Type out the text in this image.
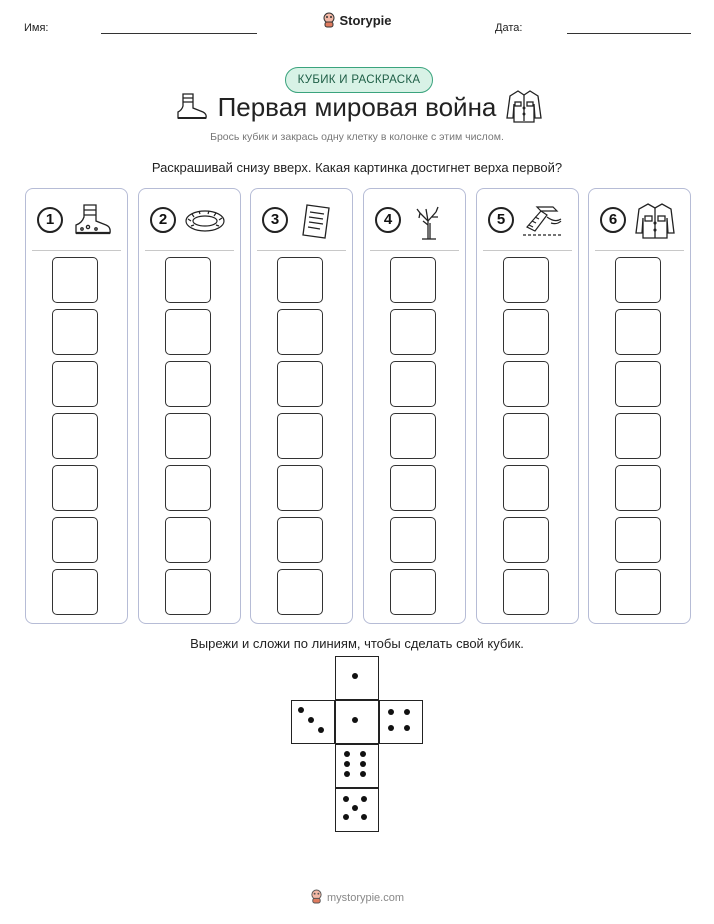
Имя:
Storypie
Дата:
КУБИК И РАСКРАСКА
Первая мировая война
Брось кубик и закрась одну клетку в колонке с этим числом.
Раскрашивай снизу вверх. Какая картинка достигнет верха первой?
1	2	3	4	5	6
Вырежи и сложи по линиям, чтобы сделать свой кубик.
mystorypie.com
